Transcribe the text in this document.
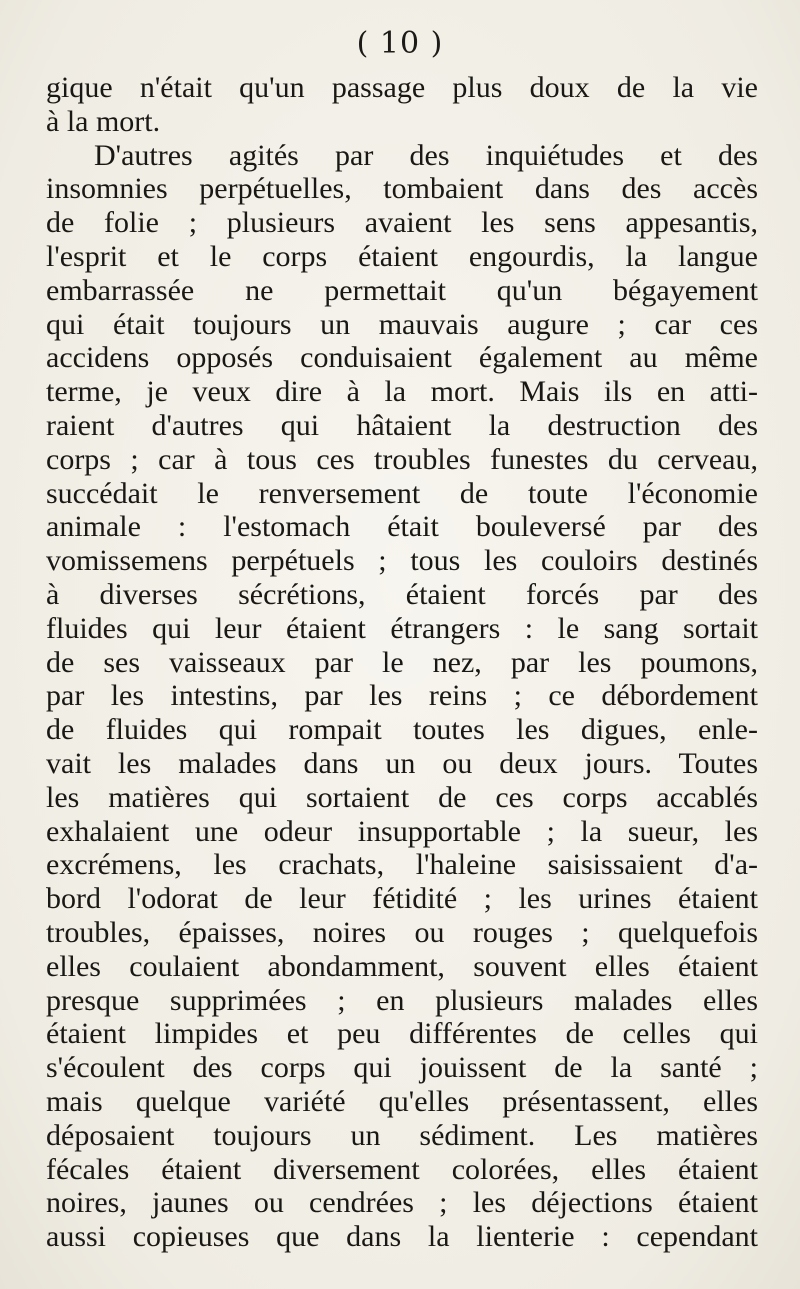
( 10 )
gique n'était qu'un passage plus doux de la vie
à la mort.
D'autres agités par des inquiétudes et des
insomnies perpétuelles, tombaient dans des accès
de folie ; plusieurs avaient les sens appesantis,
l'esprit et le corps étaient engourdis, la langue
embarrassée ne permettait qu'un bégayement
qui était toujours un mauvais augure ; car ces
accidens opposés conduisaient également au même
terme, je veux dire à la mort. Mais ils en atti-
raient d'autres qui hâtaient la destruction des
corps ; car à tous ces troubles funestes du cerveau,
succédait le renversement de toute l'économie
animale : l'estomach était bouleversé par des
vomissemens perpétuels ; tous les couloirs destinés
à diverses sécrétions, étaient forcés par des
fluides qui leur étaient étrangers : le sang sortait
de ses vaisseaux par le nez, par les poumons,
par les intestins, par les reins ; ce débordement
de fluides qui rompait toutes les digues, enle-
vait les malades dans un ou deux jours. Toutes
les matières qui sortaient de ces corps accablés
exhalaient une odeur insupportable ; la sueur, les
excrémens, les crachats, l'haleine saisissaient d'a-
bord l'odorat de leur fétidité ; les urines étaient
troubles, épaisses, noires ou rouges ; quelquefois
elles coulaient abondamment, souvent elles étaient
presque supprimées ; en plusieurs malades elles
étaient limpides et peu différentes de celles qui
s'écoulent des corps qui jouissent de la santé ;
mais quelque variété qu'elles présentassent, elles
déposaient toujours un sédiment. Les matières
fécales étaient diversement colorées, elles étaient
noires, jaunes ou cendrées ; les déjections étaient
aussi copieuses que dans la lienterie : cependant
